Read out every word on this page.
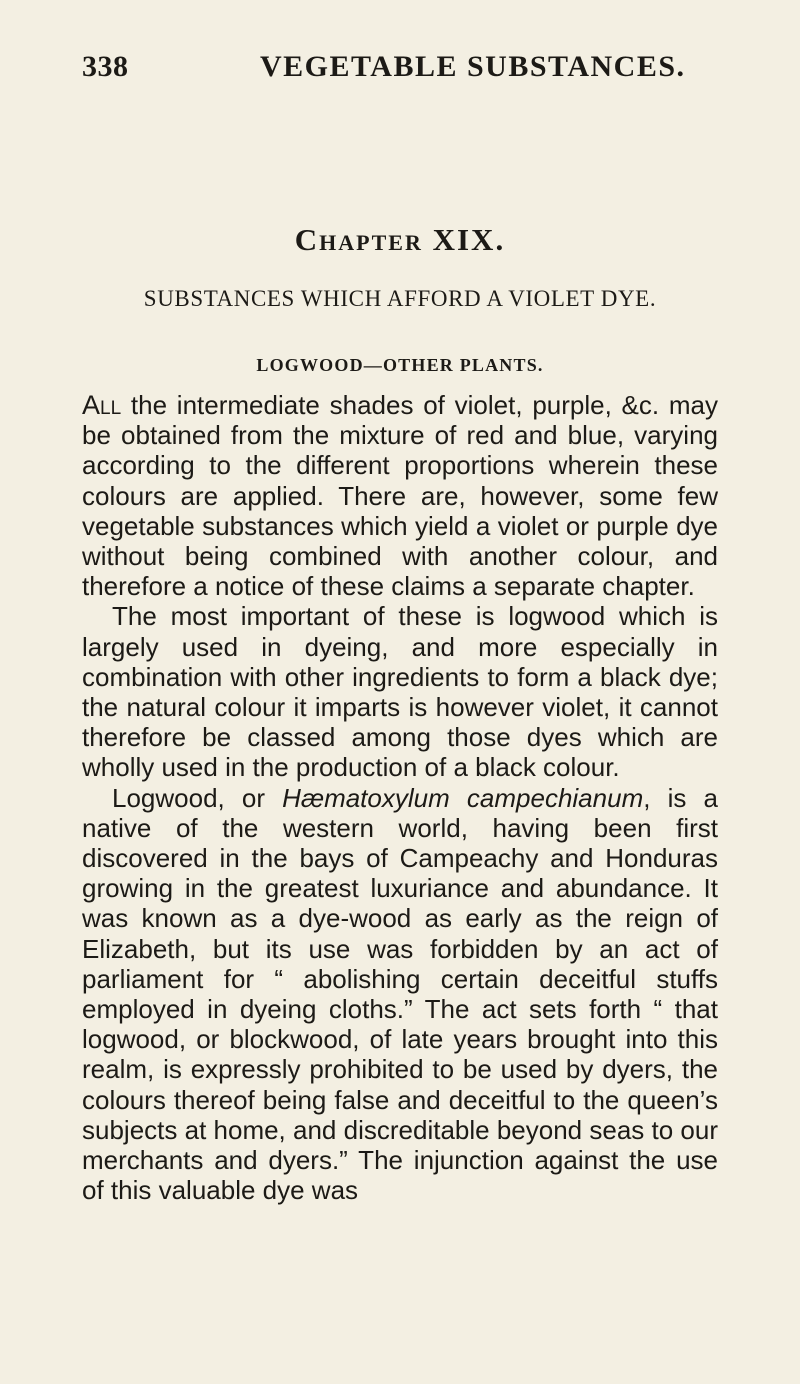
338	VEGETABLE SUBSTANCES.
Chapter XIX.
SUBSTANCES WHICH AFFORD A VIOLET DYE.
LOGWOOD—OTHER PLANTS.

All the intermediate shades of violet, purple, &c. may be obtained from the mixture of red and blue, varying according to the different proportions wherein these colours are applied. There are, however, some few vegetable substances which yield a violet or purple dye without being combined with another colour, and therefore a notice of these claims a separate chapter.

The most important of these is logwood which is largely used in dyeing, and more especially in combination with other ingredients to form a black dye; the natural colour it imparts is however violet, it cannot therefore be classed among those dyes which are wholly used in the production of a black colour.

Logwood, or Hæmatoxylum campechianum, is a native of the western world, having been first discovered in the bays of Campeachy and Honduras growing in the greatest luxuriance and abundance. It was known as a dye-wood as early as the reign of Elizabeth, but its use was forbidden by an act of parliament for “ abolishing certain deceitful stuffs employed in dyeing cloths.” The act sets forth “ that logwood, or blockwood, of late years brought into this realm, is expressly prohibited to be used by dyers, the colours thereof being false and deceitful to the queen’s subjects at home, and discreditable beyond seas to our merchants and dyers.” The injunction against the use of this valuable dye was
